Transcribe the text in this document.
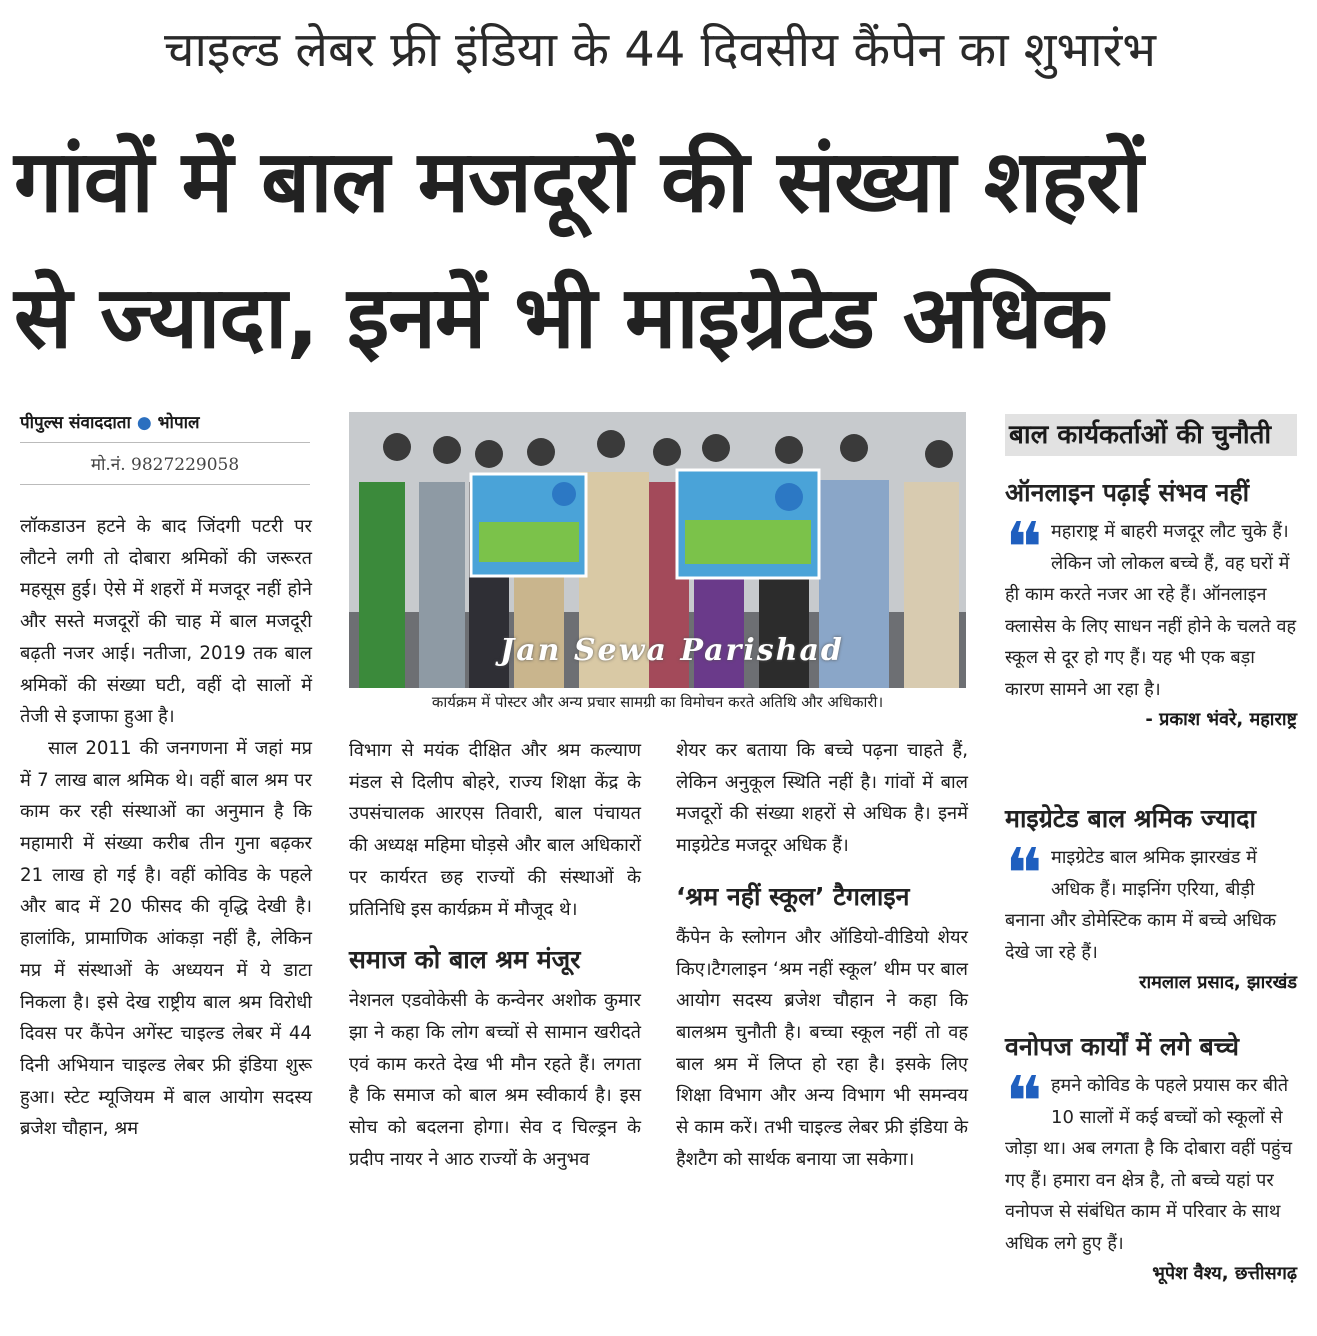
चाइल्ड लेबर फ्री इंडिया के 44 दिवसीय कैंपेन का शुभारंभ
गांवों में बाल मजदूरों की संख्या शहरों
से ज्यादा, इनमें भी माइग्रेटेड अधिक
पीपुल्स संवाददाता ● भोपाल
मो.नं. 9827229058

लॉकडाउन हटने के बाद जिंदगी पटरी पर लौटने लगी तो दोबारा श्रमिकों की जरूरत महसूस हुई। ऐसे में शहरों में मजदूर नहीं होने और सस्ते मजदूरों की चाह में बाल मजदूरी बढ़ती नजर आई। नतीजा, 2019 तक बाल श्रमिकों की संख्या घटी, वहीं दो सालों में तेजी से इजाफा हुआ है।

साल 2011 की जनगणना में जहां मप्र में 7 लाख बाल श्रमिक थे। वहीं बाल श्रम पर काम कर रही संस्थाओं का अनुमान है कि महामारी में संख्या करीब तीन गुना बढ़कर 21 लाख हो गई है। वहीं कोविड के पहले और बाद में 20 फीसद की वृद्धि देखी है। हालांकि, प्रामाणिक आंकड़ा नहीं है, लेकिन मप्र में संस्थाओं के अध्ययन में ये डाटा निकला है। इसे देख राष्ट्रीय बाल श्रम विरोधी दिवस पर कैंपेन अगेंस्ट चाइल्ड लेबर में 44 दिनी अभियान चाइल्ड लेबर फ्री इंडिया शुरू हुआ। स्टेट म्यूजियम में बाल आयोग सदस्य ब्रजेश चौहान, श्रम

Jan Sewa Parishad
कार्यक्रम में पोस्टर और अन्य प्रचार सामग्री का विमोचन करते अतिथि और अधिकारी।

विभाग से मयंक दीक्षित और श्रम कल्याण मंडल से दिलीप बोहरे, राज्य शिक्षा केंद्र के उपसंचालक आरएस तिवारी, बाल पंचायत की अध्यक्ष महिमा घोड़से और बाल अधिकारों पर कार्यरत छह राज्यों की संस्थाओं के प्रतिनिधि इस कार्यक्रम में मौजूद थे।

समाज को बाल श्रम मंजूर

नेशनल एडवोकेसी के कन्वेनर अशोक कुमार झा ने कहा कि लोग बच्चों से सामान खरीदते एवं काम करते देख भी मौन रहते हैं। लगता है कि समाज को बाल श्रम स्वीकार्य है। इस सोच को बदलना होगा। सेव द चिल्ड्रन के प्रदीप नायर ने आठ राज्यों के अनुभव

शेयर कर बताया कि बच्चे पढ़ना चाहते हैं, लेकिन अनुकूल स्थिति नहीं है। गांवों में बाल मजदूरों की संख्या शहरों से अधिक है। इनमें माइग्रेटेड मजदूर अधिक हैं।

‘श्रम नहीं स्कूल’ टैगलाइन

कैंपेन के स्लोगन और ऑडियो-वीडियो शेयर किए।टैगलाइन ‘श्रम नहीं स्कूल’ थीम पर बाल आयोग सदस्य ब्रजेश चौहान ने कहा कि बालश्रम चुनौती है। बच्चा स्कूल नहीं तो वह बाल श्रम में लिप्त हो रहा है। इसके लिए शिक्षा विभाग और अन्य विभाग भी समन्वय से काम करें। तभी चाइल्ड लेबर फ्री इंडिया के हैशटैग को सार्थक बनाया जा सकेगा।

बाल कार्यकर्ताओं की चुनौती
ऑनलाइन पढ़ाई संभव नहीं
❝ महाराष्ट्र में बाहरी मजदूर लौट चुके हैं। लेकिन जो लोकल बच्चे हैं, वह घरों में ही काम करते नजर आ रहे हैं। ऑनलाइन क्लासेस के लिए साधन नहीं होने के चलते वह स्कूल से दूर हो गए हैं। यह भी एक बड़ा कारण सामने आ रहा है।
- प्रकाश भंवरे, महाराष्ट्र
माइग्रेटेड बाल श्रमिक ज्यादा
❝ माइग्रेटेड बाल श्रमिक झारखंड में अधिक हैं। माइनिंग एरिया, बीड़ी बनाना और डोमेस्टिक काम में बच्चे अधिक देखे जा रहे हैं।
रामलाल प्रसाद, झारखंड
वनोपज कार्यों में लगे बच्चे
❝ हमने कोविड के पहले प्रयास कर बीते 10 सालों में कई बच्चों को स्कूलों से जोड़ा था। अब लगता है कि दोबारा वहीं पहुंच गए हैं। हमारा वन क्षेत्र है, तो बच्चे यहां पर वनोपज से संबंधित काम में परिवार के साथ अधिक लगे हुए हैं।
भूपेश वैश्य, छत्तीसगढ़
